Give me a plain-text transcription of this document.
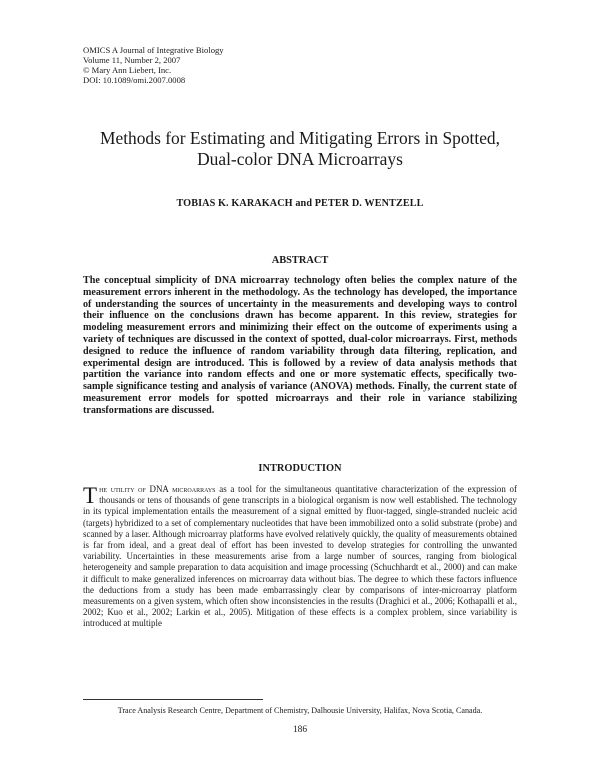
OMICS A Journal of Integrative Biology
Volume 11, Number 2, 2007
© Mary Ann Liebert, Inc.
DOI: 10.1089/omi.2007.0008
Methods for Estimating and Mitigating Errors in Spotted,
Dual-color DNA Microarrays
TOBIAS K. KARAKACH and PETER D. WENTZELL
ABSTRACT
The conceptual simplicity of DNA microarray technology often belies the complex nature of the measurement errors inherent in the methodology. As the technology has developed, the importance of understanding the sources of uncertainty in the measurements and developing ways to control their influence on the conclusions drawn has become apparent. In this review, strategies for modeling measurement errors and minimizing their effect on the outcome of experiments using a variety of techniques are discussed in the context of spotted, dual-color microarrays. First, methods designed to reduce the influence of random variability through data filtering, replication, and experimental design are introduced. This is followed by a review of data analysis methods that partition the variance into random effects and one or more systematic effects, specifically two-sample significance testing and analysis of variance (ANOVA) methods. Finally, the current state of measurement error models for spotted microarrays and their role in variance stabilizing transformations are discussed.
INTRODUCTION
The utility of DNA microarrays as a tool for the simultaneous quantitative characterization of the expression of thousands or tens of thousands of gene transcripts in a biological organism is now well established. The technology in its typical implementation entails the measurement of a signal emitted by fluor-tagged, single-stranded nucleic acid (targets) hybridized to a set of complementary nucleotides that have been immobilized onto a solid substrate (probe) and scanned by a laser. Although microarray platforms have evolved relatively quickly, the quality of measurements obtained is far from ideal, and a great deal of effort has been invested to develop strategies for controlling the unwanted variability. Uncertainties in these measurements arise from a large number of sources, ranging from biological heterogeneity and sample preparation to data acquisition and image processing (Schuchhardt et al., 2000) and can make it difficult to make generalized inferences on microarray data without bias. The degree to which these factors influence the deductions from a study has been made embarrassingly clear by comparisons of inter-microarray platform measurements on a given system, which often show inconsistencies in the results (Draghici et al., 2006; Kothapalli et al., 2002; Kuo et al., 2002; Larkin et al., 2005). Mitigation of these effects is a complex problem, since variability is introduced at multiple
Trace Analysis Research Centre, Department of Chemistry, Dalhousie University, Halifax, Nova Scotia, Canada.
186
